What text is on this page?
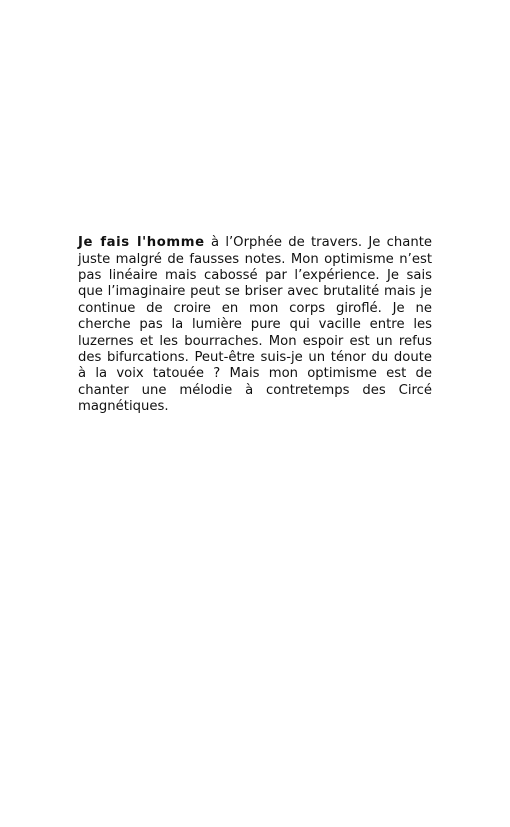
Je fais l'homme à l’Orphée de travers. Je chante juste malgré de fausses notes. Mon optimisme n’est pas linéaire mais cabossé par l’expérience. Je sais que l’imaginaire peut se briser avec brutalité mais je continue de croire en mon corps giroflé. Je ne cherche pas la lumière pure qui vacille entre les luzernes et les bourraches. Mon espoir est un refus des bifurcations. Peut-être suis-je un ténor du doute à la voix tatouée ? Mais mon optimisme est de chanter une mélodie à contretemps des Circé magnétiques.
